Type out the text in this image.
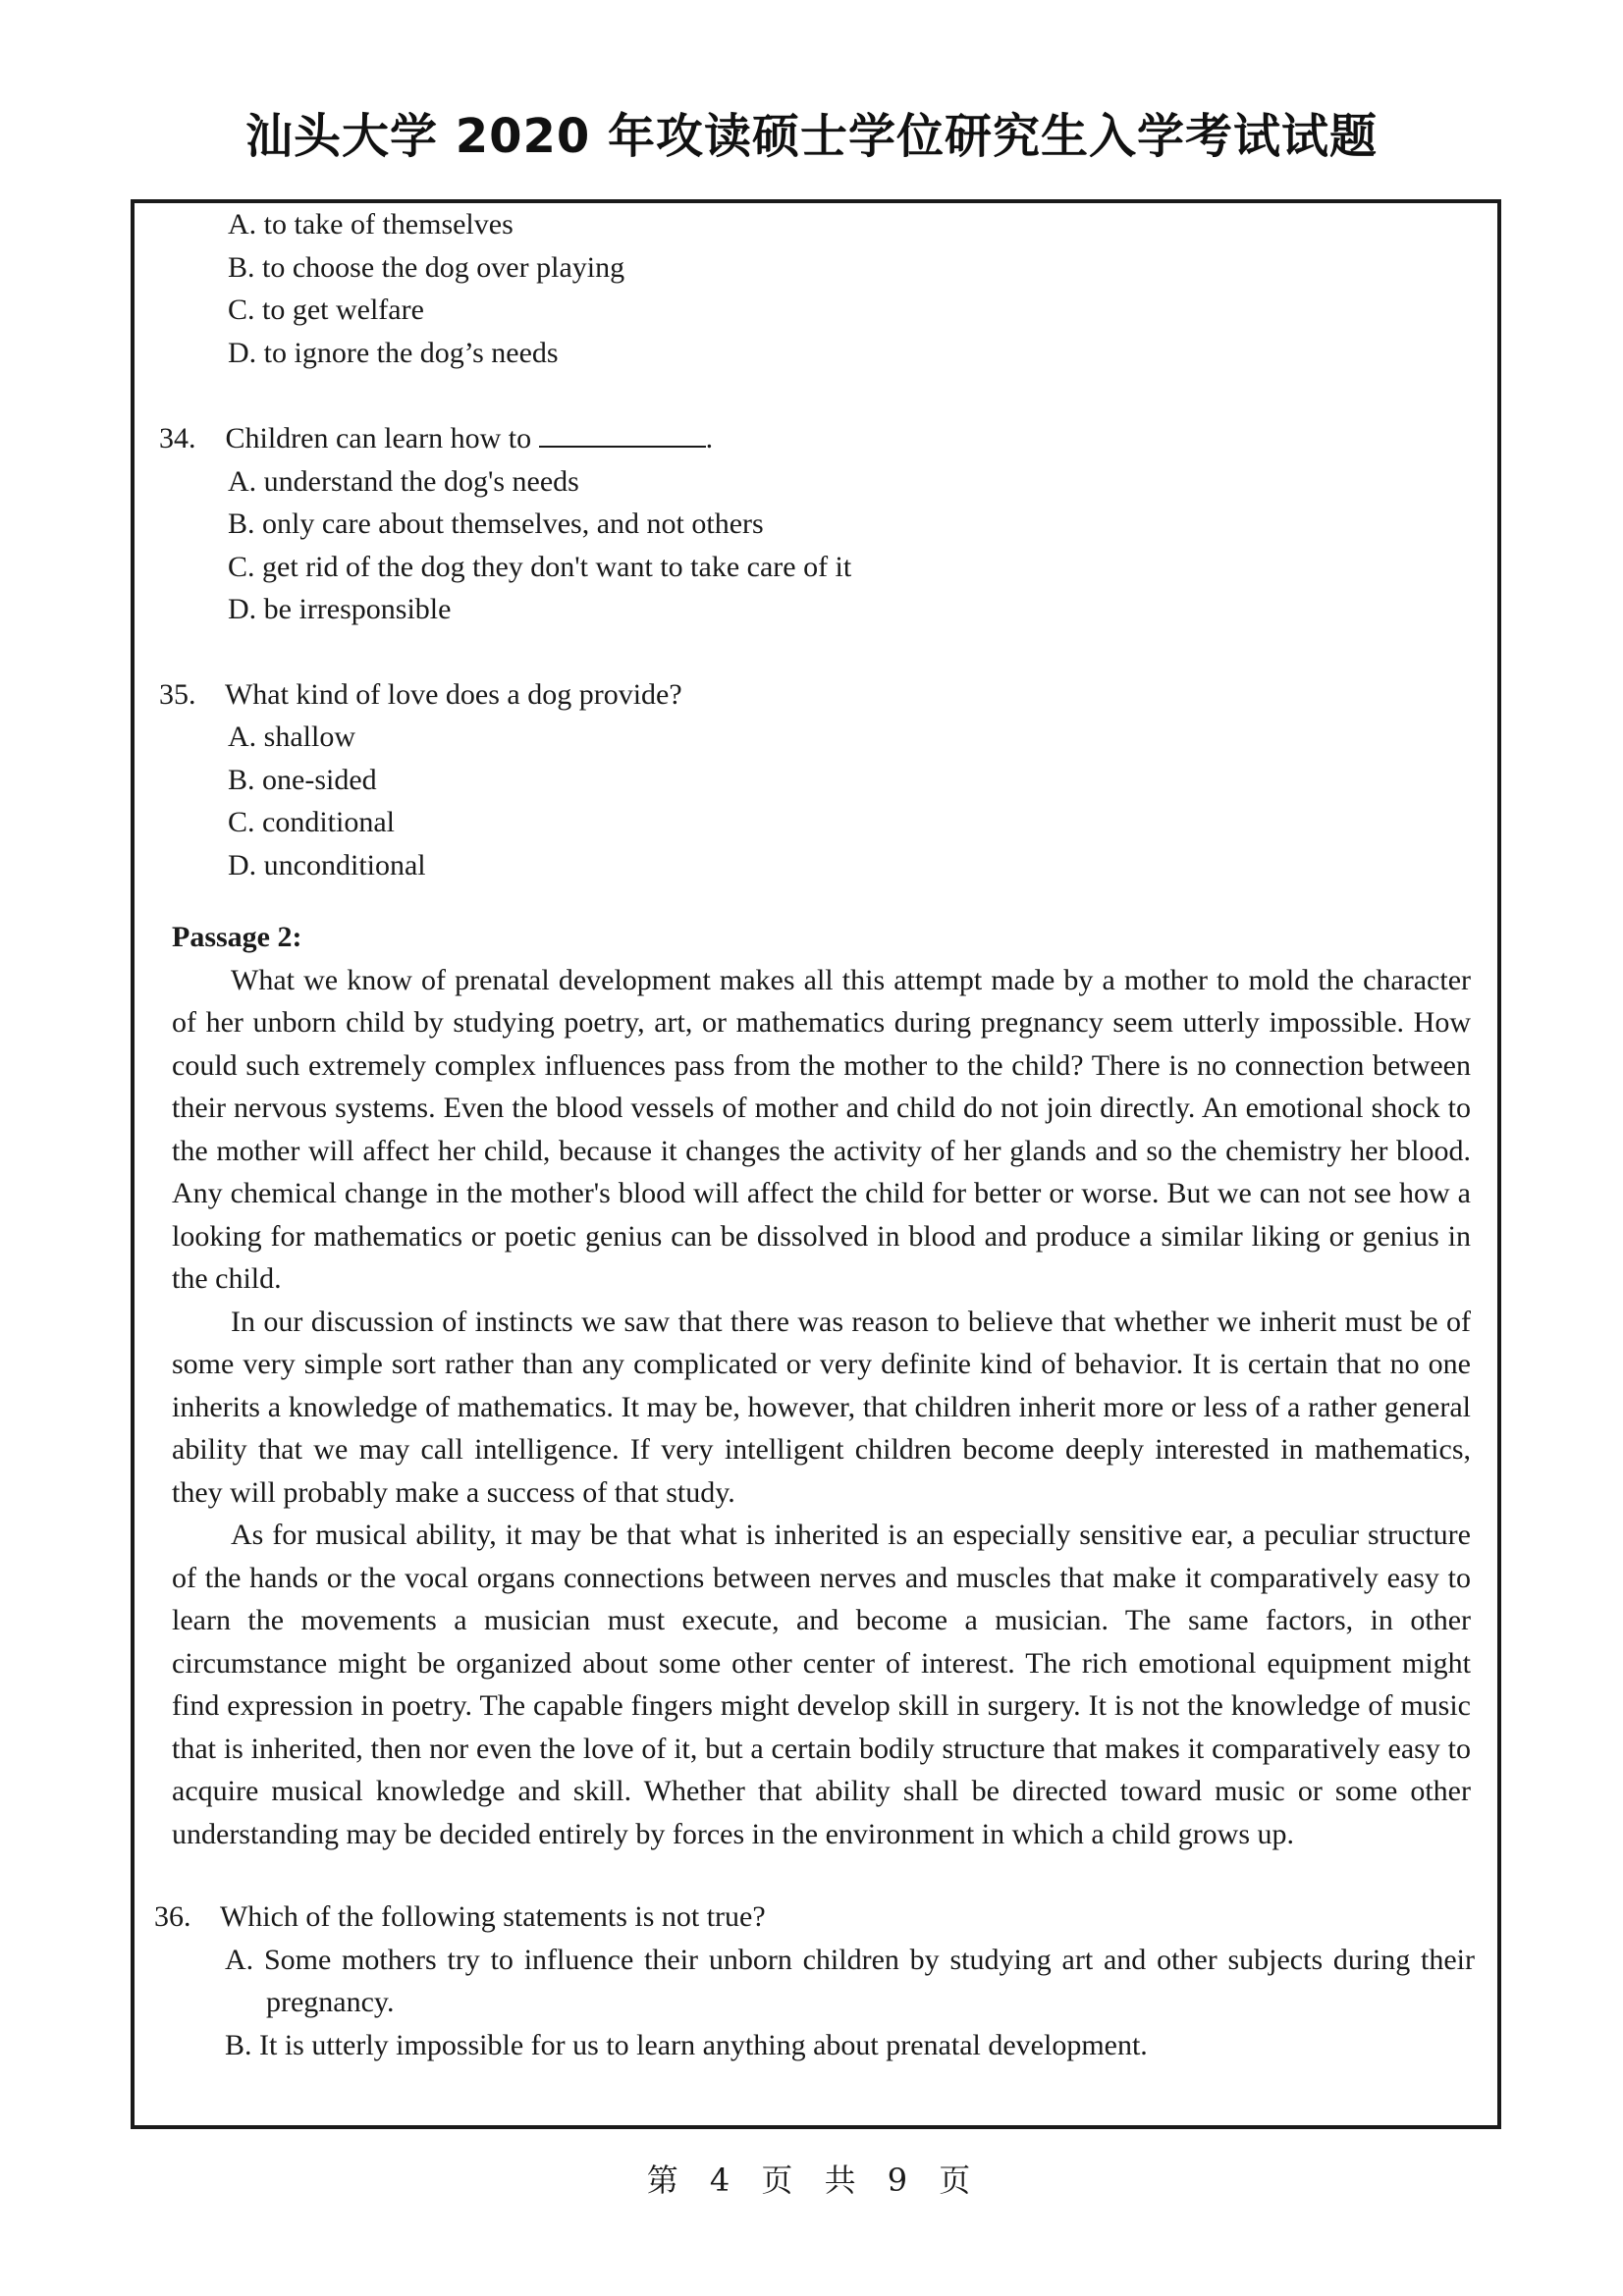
汕头大学 2020 年攻读硕士学位研究生入学考试试题
A. to take of themselves
B. to choose the dog over playing
C. to get welfare
D. to ignore the dog’s needs
34. Children can learn how to	.
A. understand the dog's needs
B. only care about themselves, and not others
C. get rid of the dog they don't want to take care of it
D. be irresponsible
35. What kind of love does a dog provide?
A. shallow
B. one-sided
C. conditional
D. unconditional
Passage 2:

What we know of prenatal development makes all this attempt made by a mother to mold the character of her unborn child by studying poetry, art, or mathematics during pregnancy seem utterly impossible. How could such extremely complex influences pass from the mother to the child? There is no connection between their nervous systems. Even the blood vessels of mother and child do not join directly. An emotional shock to the mother will affect her child, because it changes the activity of her glands and so the chemistry her blood. Any chemical change in the mother's blood will affect the child for better or worse. But we can not see how a looking for mathematics or poetic genius can be dissolved in blood and produce a similar liking or genius in the child.

In our discussion of instincts we saw that there was reason to believe that whether we inherit must be of some very simple sort rather than any complicated or very definite kind of behavior. It is certain that no one inherits a knowledge of mathematics. It may be, however, that children inherit more or less of a rather general ability that we may call intelligence. If very intelligent children become deeply interested in mathematics, they will probably make a success of that study.

As for musical ability, it may be that what is inherited is an especially sensitive ear, a peculiar structure of the hands or the vocal organs connections between nerves and muscles that make it comparatively easy to learn the movements a musician must execute, and become a musician. The same factors, in other circumstance might be organized about some other center of interest. The rich emotional equipment might find expression in poetry. The capable fingers might develop skill in surgery. It is not the knowledge of music that is inherited, then nor even the love of it, but a certain bodily structure that makes it comparatively easy to acquire musical knowledge and skill. Whether that ability shall be directed toward music or some other understanding may be decided entirely by forces in the environment in which a child grows up.

36. Which of the following statements is not true?
A. Some mothers try to influence their unborn children by studying art and other subjects during their pregnancy.
B. It is utterly impossible for us to learn anything about prenatal development.
第 4 页 共 9 页
